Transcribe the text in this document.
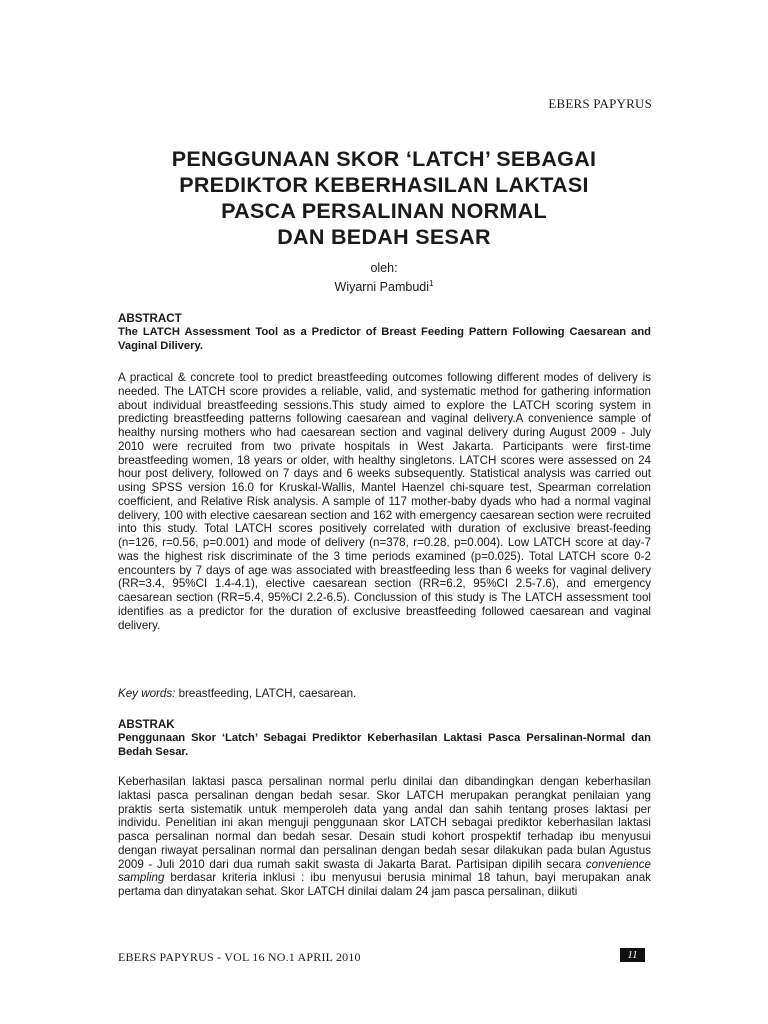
EBERS PAPYRUS
PENGGUNAAN SKOR ‘LATCH’ SEBAGAI
PREDIKTOR KEBERHASILAN LAKTASI
PASCA PERSALINAN NORMAL
DAN BEDAH SESAR
oleh:
Wiyarni Pambudi$^1$
ABSTRACT
The LATCH Assessment Tool as a Predictor of Breast Feeding Pattern Following Caesarean and Vaginal Dilivery.

A practical & concrete tool to predict breastfeeding outcomes following different modes of delivery is needed. The LATCH score provides a reliable, valid, and systematic method for gathering information about individual breastfeeding sessions.This study aimed to explore the LATCH scoring system in predicting breastfeeding patterns following caesarean and vaginal delivery.A convenience sample of healthy nursing mothers who had caesarean section and vaginal delivery during August 2009 - July 2010 were recruited from two private hospitals in West Jakarta. Participants were first-time breastfeeding women, 18 years or older, with healthy singletons. LATCH scores were assessed on 24 hour post delivery, followed on 7 days and 6 weeks subsequently. Statistical analysis was carried out using SPSS version 16.0 for Kruskal-Wallis, Mantel Haenzel chi-square test, Spearman correlation coefficient, and Relative Risk analysis. A sample of 117 mother-baby dyads who had a normal vaginal delivery, 100 with elective caesarean section and 162 with emergency caesarean section were recruited into this study. Total LATCH scores positively correlated with duration of exclusive breast-feeding (n=126, r=0.56, p=0.001) and mode of delivery (n=378, r=0.28, p=0.004). Low LATCH score at day-7 was the highest risk discriminate of the 3 time periods examined (p=0.025). Total LATCH score 0-2 encounters by 7 days of age was associated with breastfeeding less than 6 weeks for vaginal delivery (RR=3.4, 95%CI 1.4-4.1), elective caesarean section (RR=6.2, 95%CI 2.5-7.6), and emergency caesarean section (RR=5.4, 95%CI 2.2-6.5). Conclussion of this study is The LATCH assessment tool identifies as a predictor for the duration of exclusive breastfeeding followed caesarean and vaginal delivery.

Key words: breastfeeding, LATCH, caesarean.
ABSTRAK
Penggunaan Skor ‘Latch’ Sebagai Prediktor Keberhasilan Laktasi Pasca Persalinan-Normal dan Bedah Sesar.

Keberhasilan laktasi pasca persalinan normal perlu dinilai dan dibandingkan dengan keberhasilan laktasi pasca persalinan dengan bedah sesar. Skor LATCH merupakan perangkat penilaian yang praktis serta sistematik untuk memperoleh data yang andal dan sahih tentang proses laktasi per individu. Penelitian ini akan menguji penggunaan skor LATCH sebagai prediktor keberhasilan laktasi pasca persalinan normal dan bedah sesar. Desain studi kohort prospektif terhadap ibu menyusui dengan riwayat persalinan normal dan persalinan dengan bedah sesar dilakukan pada bulan Agustus 2009 - Juli 2010 dari dua rumah sakit swasta di Jakarta Barat. Partisipan dipilih secara convenience sampling berdasar kriteria inklusi : ibu menyusui berusia minimal 18 tahun, bayi merupakan anak pertama dan dinyatakan sehat. Skor LATCH dinilai dalam 24 jam pasca persalinan, diikuti

EBERS PAPYRUS - VOL 16 NO.1 APRIL 2010	11
